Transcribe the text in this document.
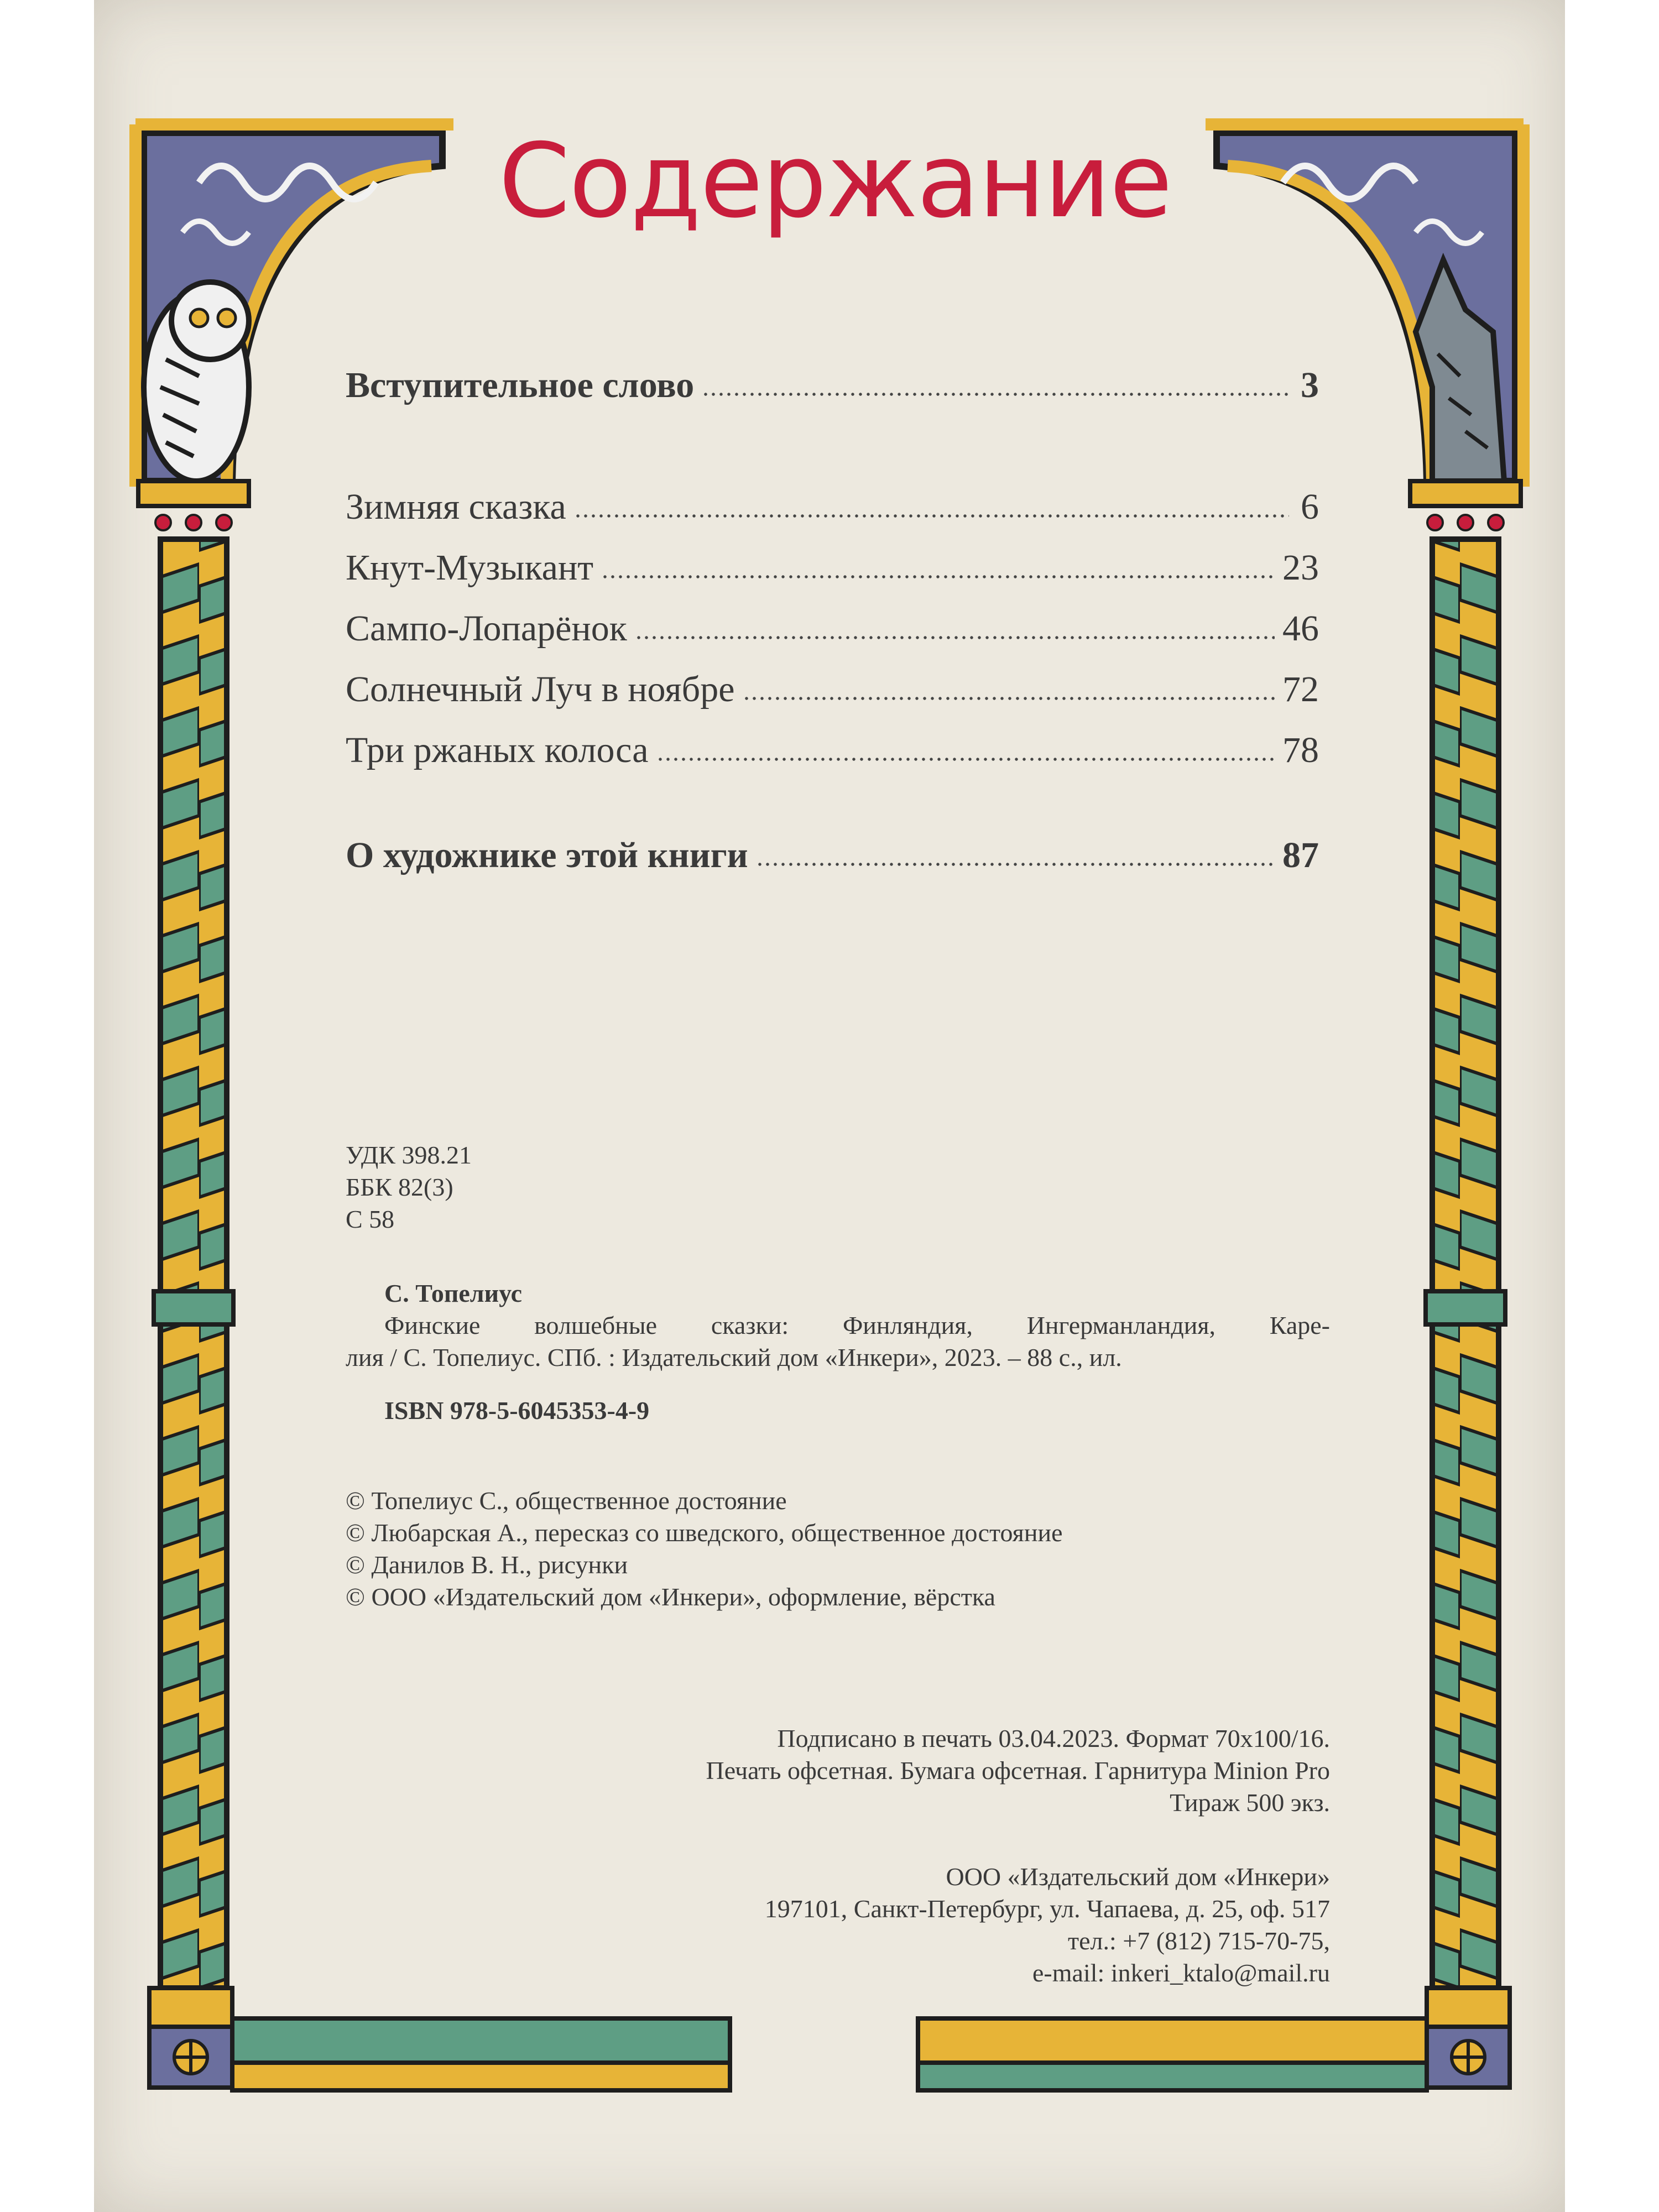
Содержание
Вступительное слово	3
Зимняя сказка	6
Кнут-Музыкант	23
Сампо-Лопарёнок	46
Солнечный Луч в ноябре	72
Три ржаных колоса	78
О художнике этой книги	87
УДК 398.21
ББК 82(3)
С 58
С. Топелиус
Финские волшебные сказки: Финляндия, Ингерманландия, Каре-
лия / С. Топелиус. СПб. : Издательский дом «Инкери», 2023. – 88 с., ил.
ISBN 978-5-6045353-4-9
© Топелиус С., общественное достояние
© Любарская А., пересказ со шведского, общественное достояние
© Данилов В. Н., рисунки
© ООО «Издательский дом «Инкери», оформление, вёрстка
Подписано в печать 03.04.2023. Формат 70х100/16.
Печать офсетная. Бумага офсетная. Гарнитура Minion Pro
Тираж 500 экз.
ООО «Издательский дом «Инкери»
197101, Санкт-Петербург, ул. Чапаева, д. 25, оф. 517
тел.: +7 (812) 715-70-75,
e-mail: inkeri_ktalo@mail.ru
